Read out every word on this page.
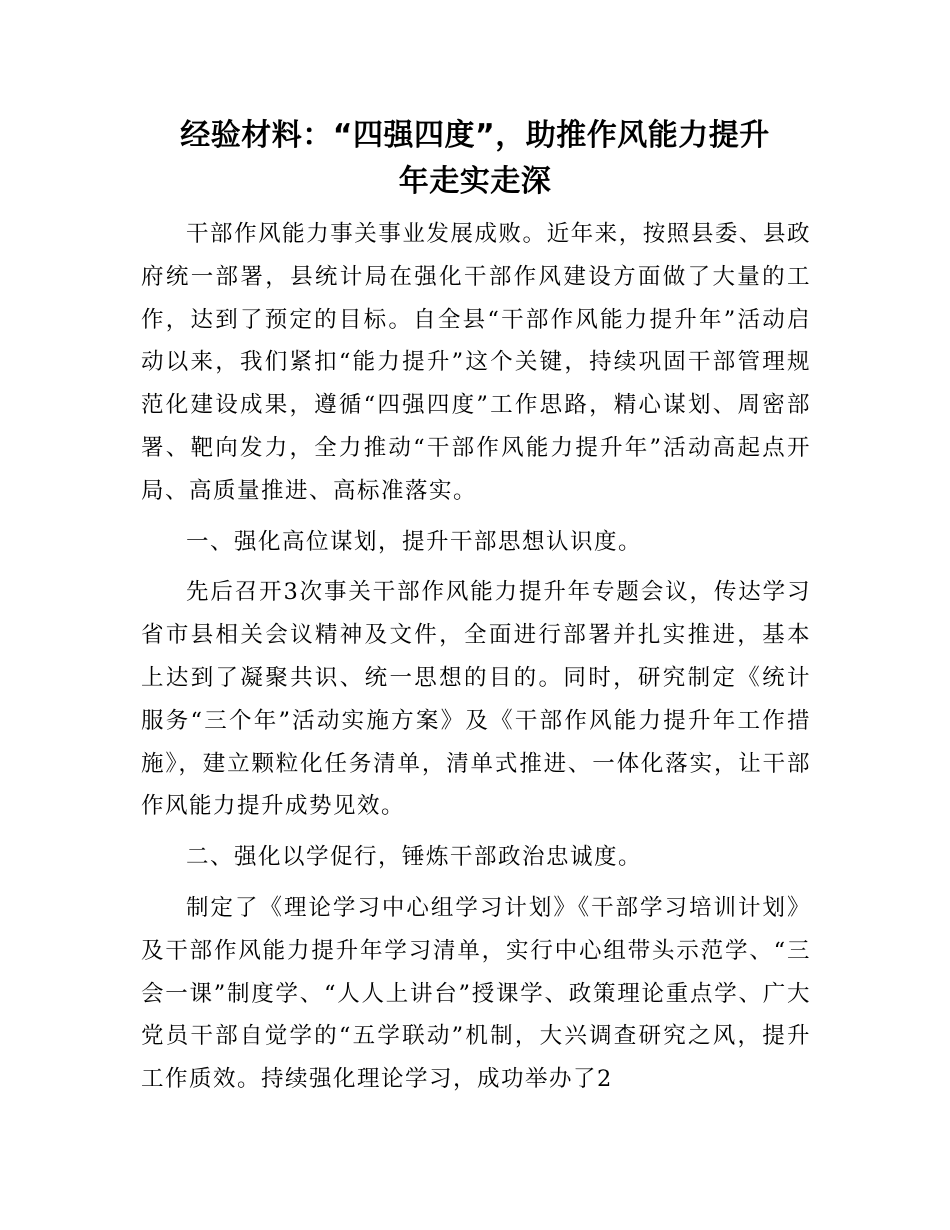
经验材料：“四强四度”，助推作风能力提升
年走实走深

干部作风能力事关事业发展成败。近年来，按照县委、县政府统一部署，县统计局在强化干部作风建设方面做了大量的工作，达到了预定的目标。自全县“干部作风能力提升年”活动启动以来，我们紧扣“能力提升”这个关键，持续巩固干部管理规范化建设成果，遵循“四强四度”工作思路，精心谋划、周密部署、靶向发力，全力推动“干部作风能力提升年”活动高起点开局、高质量推进、高标准落实。

一、强化高位谋划，提升干部思想认识度。

先后召开3次事关干部作风能力提升年专题会议，传达学习省市县相关会议精神及文件，全面进行部署并扎实推进，基本上达到了凝聚共识、统一思想的目的。同时，研究制定《统计服务“三个年”活动实施方案》及《干部作风能力提升年工作措施》，建立颗粒化任务清单，清单式推进、一体化落实，让干部作风能力提升成势见效。

二、强化以学促行，锤炼干部政治忠诚度。

制定了《理论学习中心组学习计划》《干部学习培训计划》及干部作风能力提升年学习清单，实行中心组带头示范学、“三会一课”制度学、“人人上讲台”授课学、政策理论重点学、广大党员干部自觉学的“五学联动”机制，大兴调查研究之风，提升工作质效。持续强化理论学习，成功举办了2
